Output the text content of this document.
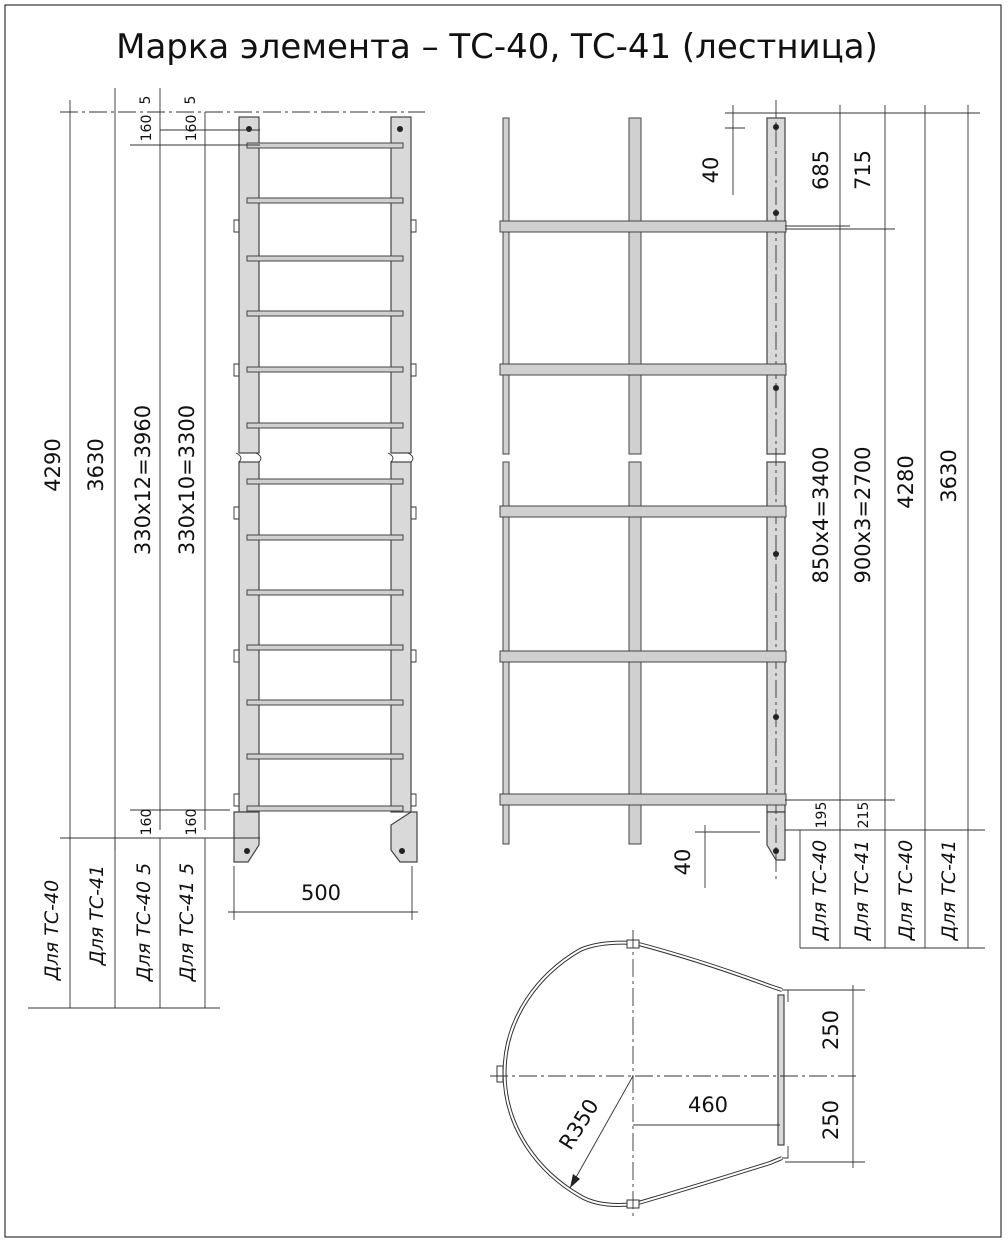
Марка элемента – ТС-40, ТС-41 (лестница)
5 5
160 160
160 160
4290 3630 330x12=3960 330x10=3300
500
Для ТС-40 Для ТС-41 Для ТС-40 5 Для ТС-41 5
40	685 715
850x4=3400 900x3=2700 4280 3630
195 215
40	Для ТС-40 Для ТС-41 Для ТС-40 Для ТС-41
R350	460
250
250
